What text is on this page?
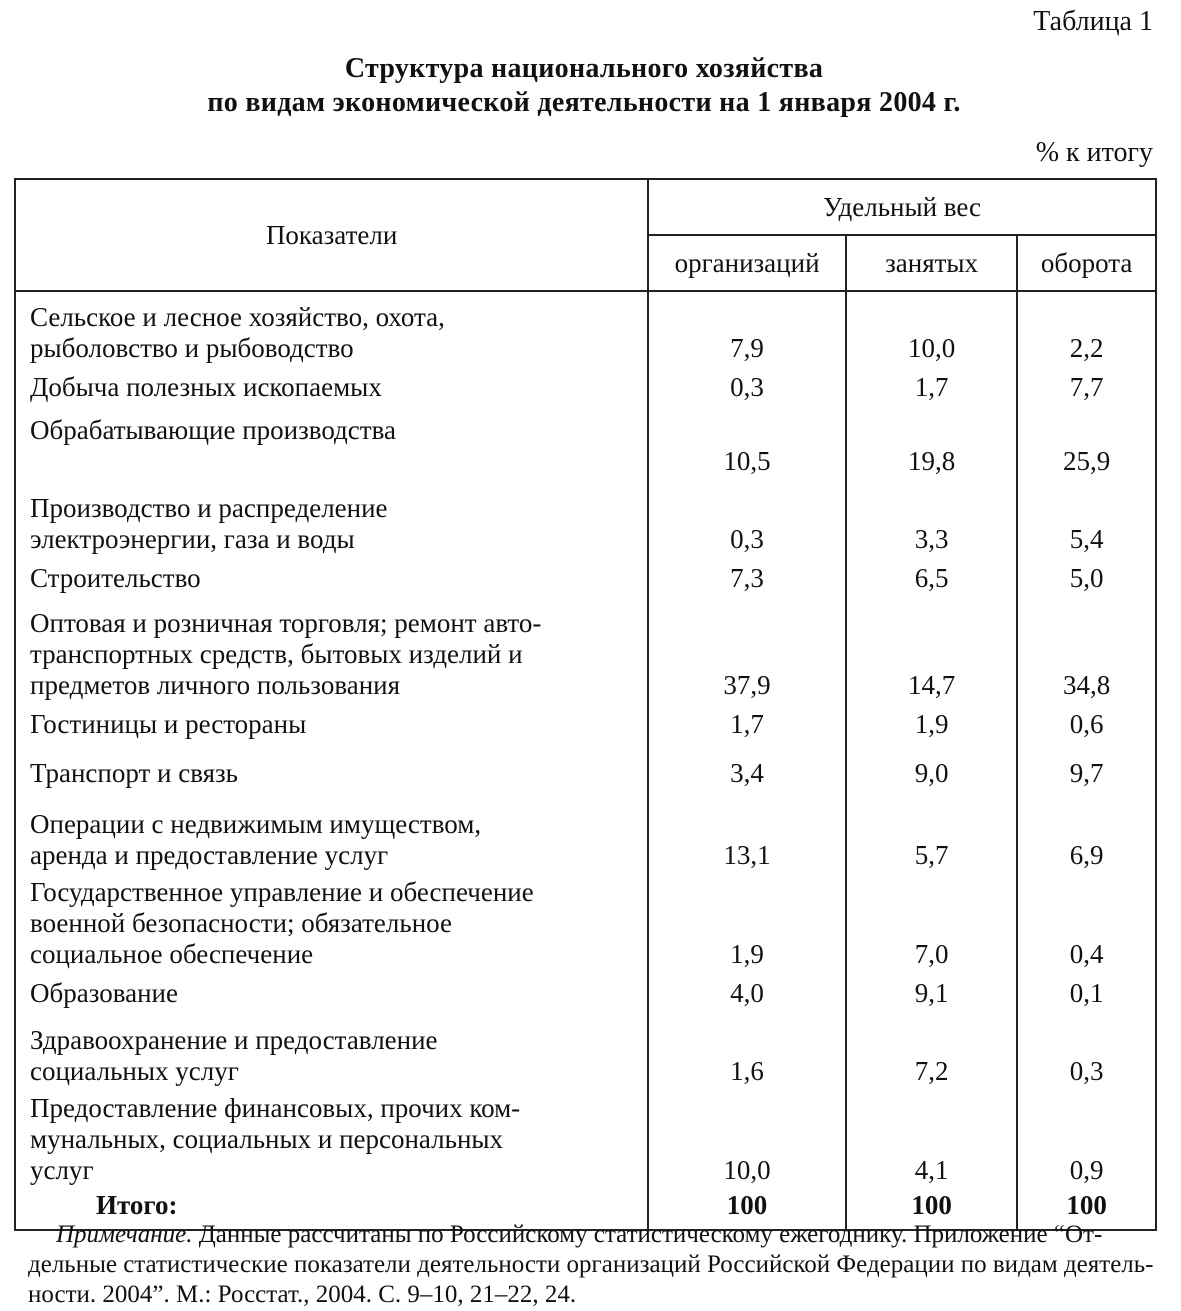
Таблица 1
Структура национального хозяйства
по видам экономической деятельности на 1 января 2004 г.
% к итогу
Показатели	Удельный вес		
	организаций	занятых	оборота

Сельское и лесное хозяйство, охота,
рыболовство и рыбоводство	7,9	10,0	2,2

Добыча полезных ископаемых	0,3	1,7	7,7

Обрабатывающие производства	10,5	19,8	25,9

Производство и распределение
электроэнергии, газа и воды	0,3	3,3	5,4

Строительство	7,3	6,5	5,0

Оптовая и розничная торговля; ремонт авто-
транспортных средств, бытовых изделий и
предметов личного пользования	37,9	14,7	34,8

Гостиницы и рестораны	1,7	1,9	0,6

Транспорт и связь	3,4	9,0	9,7

Операции с недвижимым имуществом,
аренда и предоставление услуг	13,1	5,7	6,9

Государственное управление и обеспечение
военной безопасности; обязательное
социальное обеспечение	1,9	7,0	0,4

Образование	4,0	9,1	0,1

Здравоохранение и предоставление
социальных услуг	1,6	7,2	0,3

Предоставление финансовых, прочих ком-
мунальных, социальных и персональных
услуг	10,0	4,1	0,9
Итого:	100	100	100
Примечание. Данные рассчитаны по Российскому статистическому ежегоднику. Приложение “От-
дельные статистические показатели деятельности организаций Российской Федерации по видам деятель-
ности. 2004”. М.: Росстат., 2004. С. 9–10, 21–22, 24.
